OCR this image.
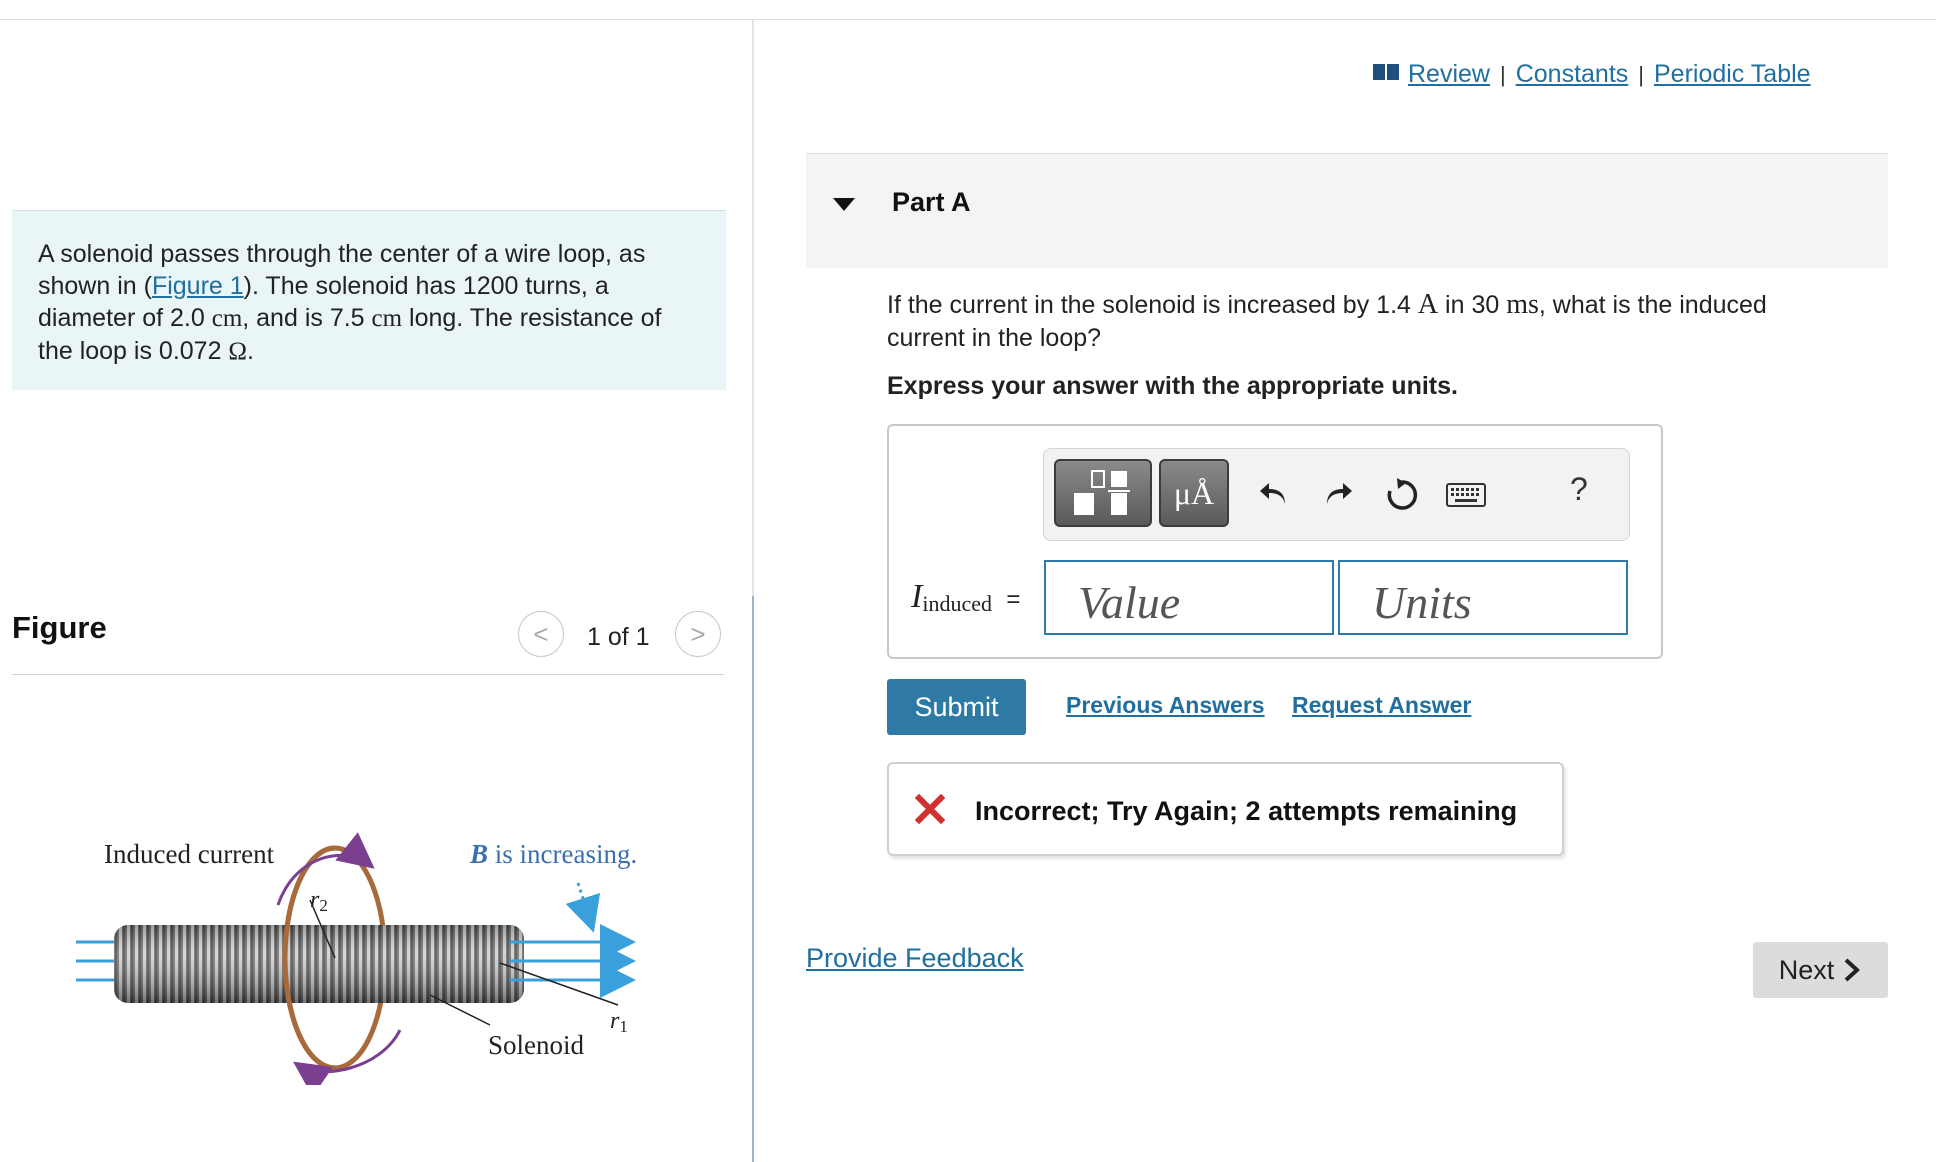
A solenoid passes through the center of a wire loop, as shown in (Figure 1). The solenoid has 1200 turns, a diameter of 2.0 cm, and is 7.5 cm long. The resistance of the loop is 0.072 Ω.
Figure	< 1 of 1 >
Induced current	B is increasing.
r2
r1
Solenoid
Review | Constants | Periodic Table
Part A
If the current in the solenoid is increased by 1.4 A in 30 ms, what is the induced current in the loop?
Express your answer with the appropriate units.
μÅ	?
$I_{induced}$ =
Value
Units
Submit	Previous Answers Request Answer
Incorrect; Try Again; 2 attempts remaining
Provide Feedback	Next
